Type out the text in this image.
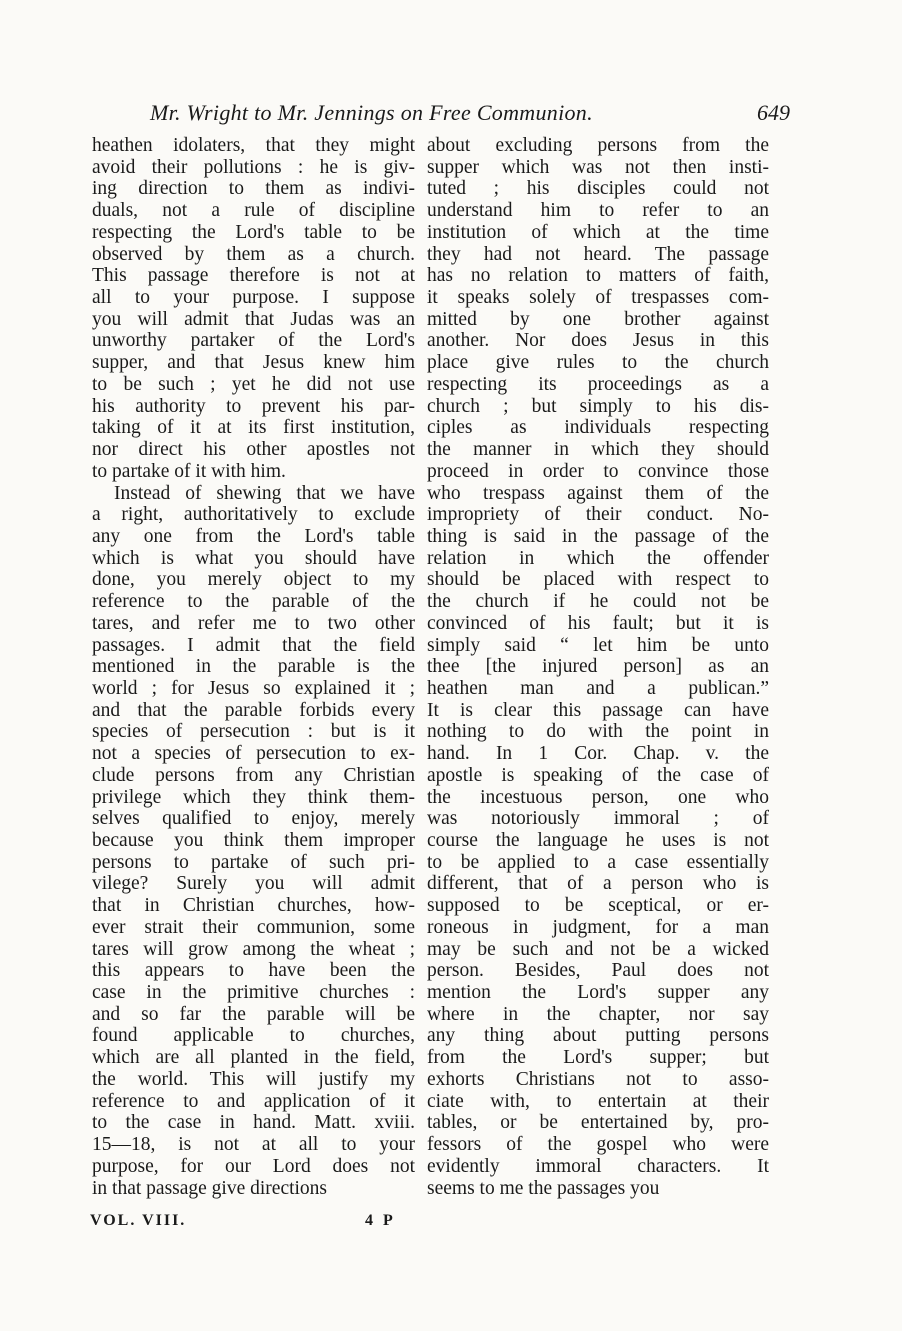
Mr. Wright to Mr. Jennings on Free Communion.	649
heathen idolaters, that they might
avoid their pollutions : he is giv-
ing direction to them as indivi-
duals, not a rule of discipline
respecting the Lord's table to be
observed by them as a church.
This passage therefore is not at
all to your purpose. I suppose
you will admit that Judas was an
unworthy partaker of the Lord's
supper, and that Jesus knew him
to be such ; yet he did not use
his authority to prevent his par-
taking of it at its first institution,
nor direct his other apostles not
to partake of it with him.
Instead of shewing that we have
a right, authoritatively to exclude
any one from the Lord's table
which is what you should have
done, you merely object to my
reference to the parable of the
tares, and refer me to two other
passages. I admit that the field
mentioned in the parable is the
world ; for Jesus so explained it ;
and that the parable forbids every
species of persecution : but is it
not a species of persecution to ex-
clude persons from any Christian
privilege which they think them-
selves qualified to enjoy, merely
because you think them improper
persons to partake of such pri-
vilege? Surely you will admit
that in Christian churches, how-
ever strait their communion, some
tares will grow among the wheat ;
this appears to have been the
case in the primitive churches :
and so far the parable will be
found applicable to churches,
which are all planted in the field,
the world. This will justify my
reference to and application of it
to the case in hand. Matt. xviii.
15—18, is not at all to your
purpose, for our Lord does not
in that passage give directions
about excluding persons from the
supper which was not then insti-
tuted ; his disciples could not
understand him to refer to an
institution of which at the time
they had not heard. The passage
has no relation to matters of faith,
it speaks solely of trespasses com-
mitted by one brother against
another. Nor does Jesus in this
place give rules to the church
respecting its proceedings as a
church ; but simply to his dis-
ciples as individuals respecting
the manner in which they should
proceed in order to convince those
who trespass against them of the
impropriety of their conduct. No-
thing is said in the passage of the
relation in which the offender
should be placed with respect to
the church if he could not be
convinced of his fault; but it is
simply said “ let him be unto
thee [the injured person] as an
heathen man and a publican.”
It is clear this passage can have
nothing to do with the point in
hand. In 1 Cor. Chap. v. the
apostle is speaking of the case of
the incestuous person, one who
was notoriously immoral ; of
course the language he uses is not
to be applied to a case essentially
different, that of a person who is
supposed to be sceptical, or er-
roneous in judgment, for a man
may be such and not be a wicked
person. Besides, Paul does not
mention the Lord's supper any
where in the chapter, nor say
any thing about putting persons
from the Lord's supper; but
exhorts Christians not to asso-
ciate with, to entertain at their
tables, or be entertained by, pro-
fessors of the gospel who were
evidently immoral characters. It
seems to me the passages you
VOL. VIII.	4 P
